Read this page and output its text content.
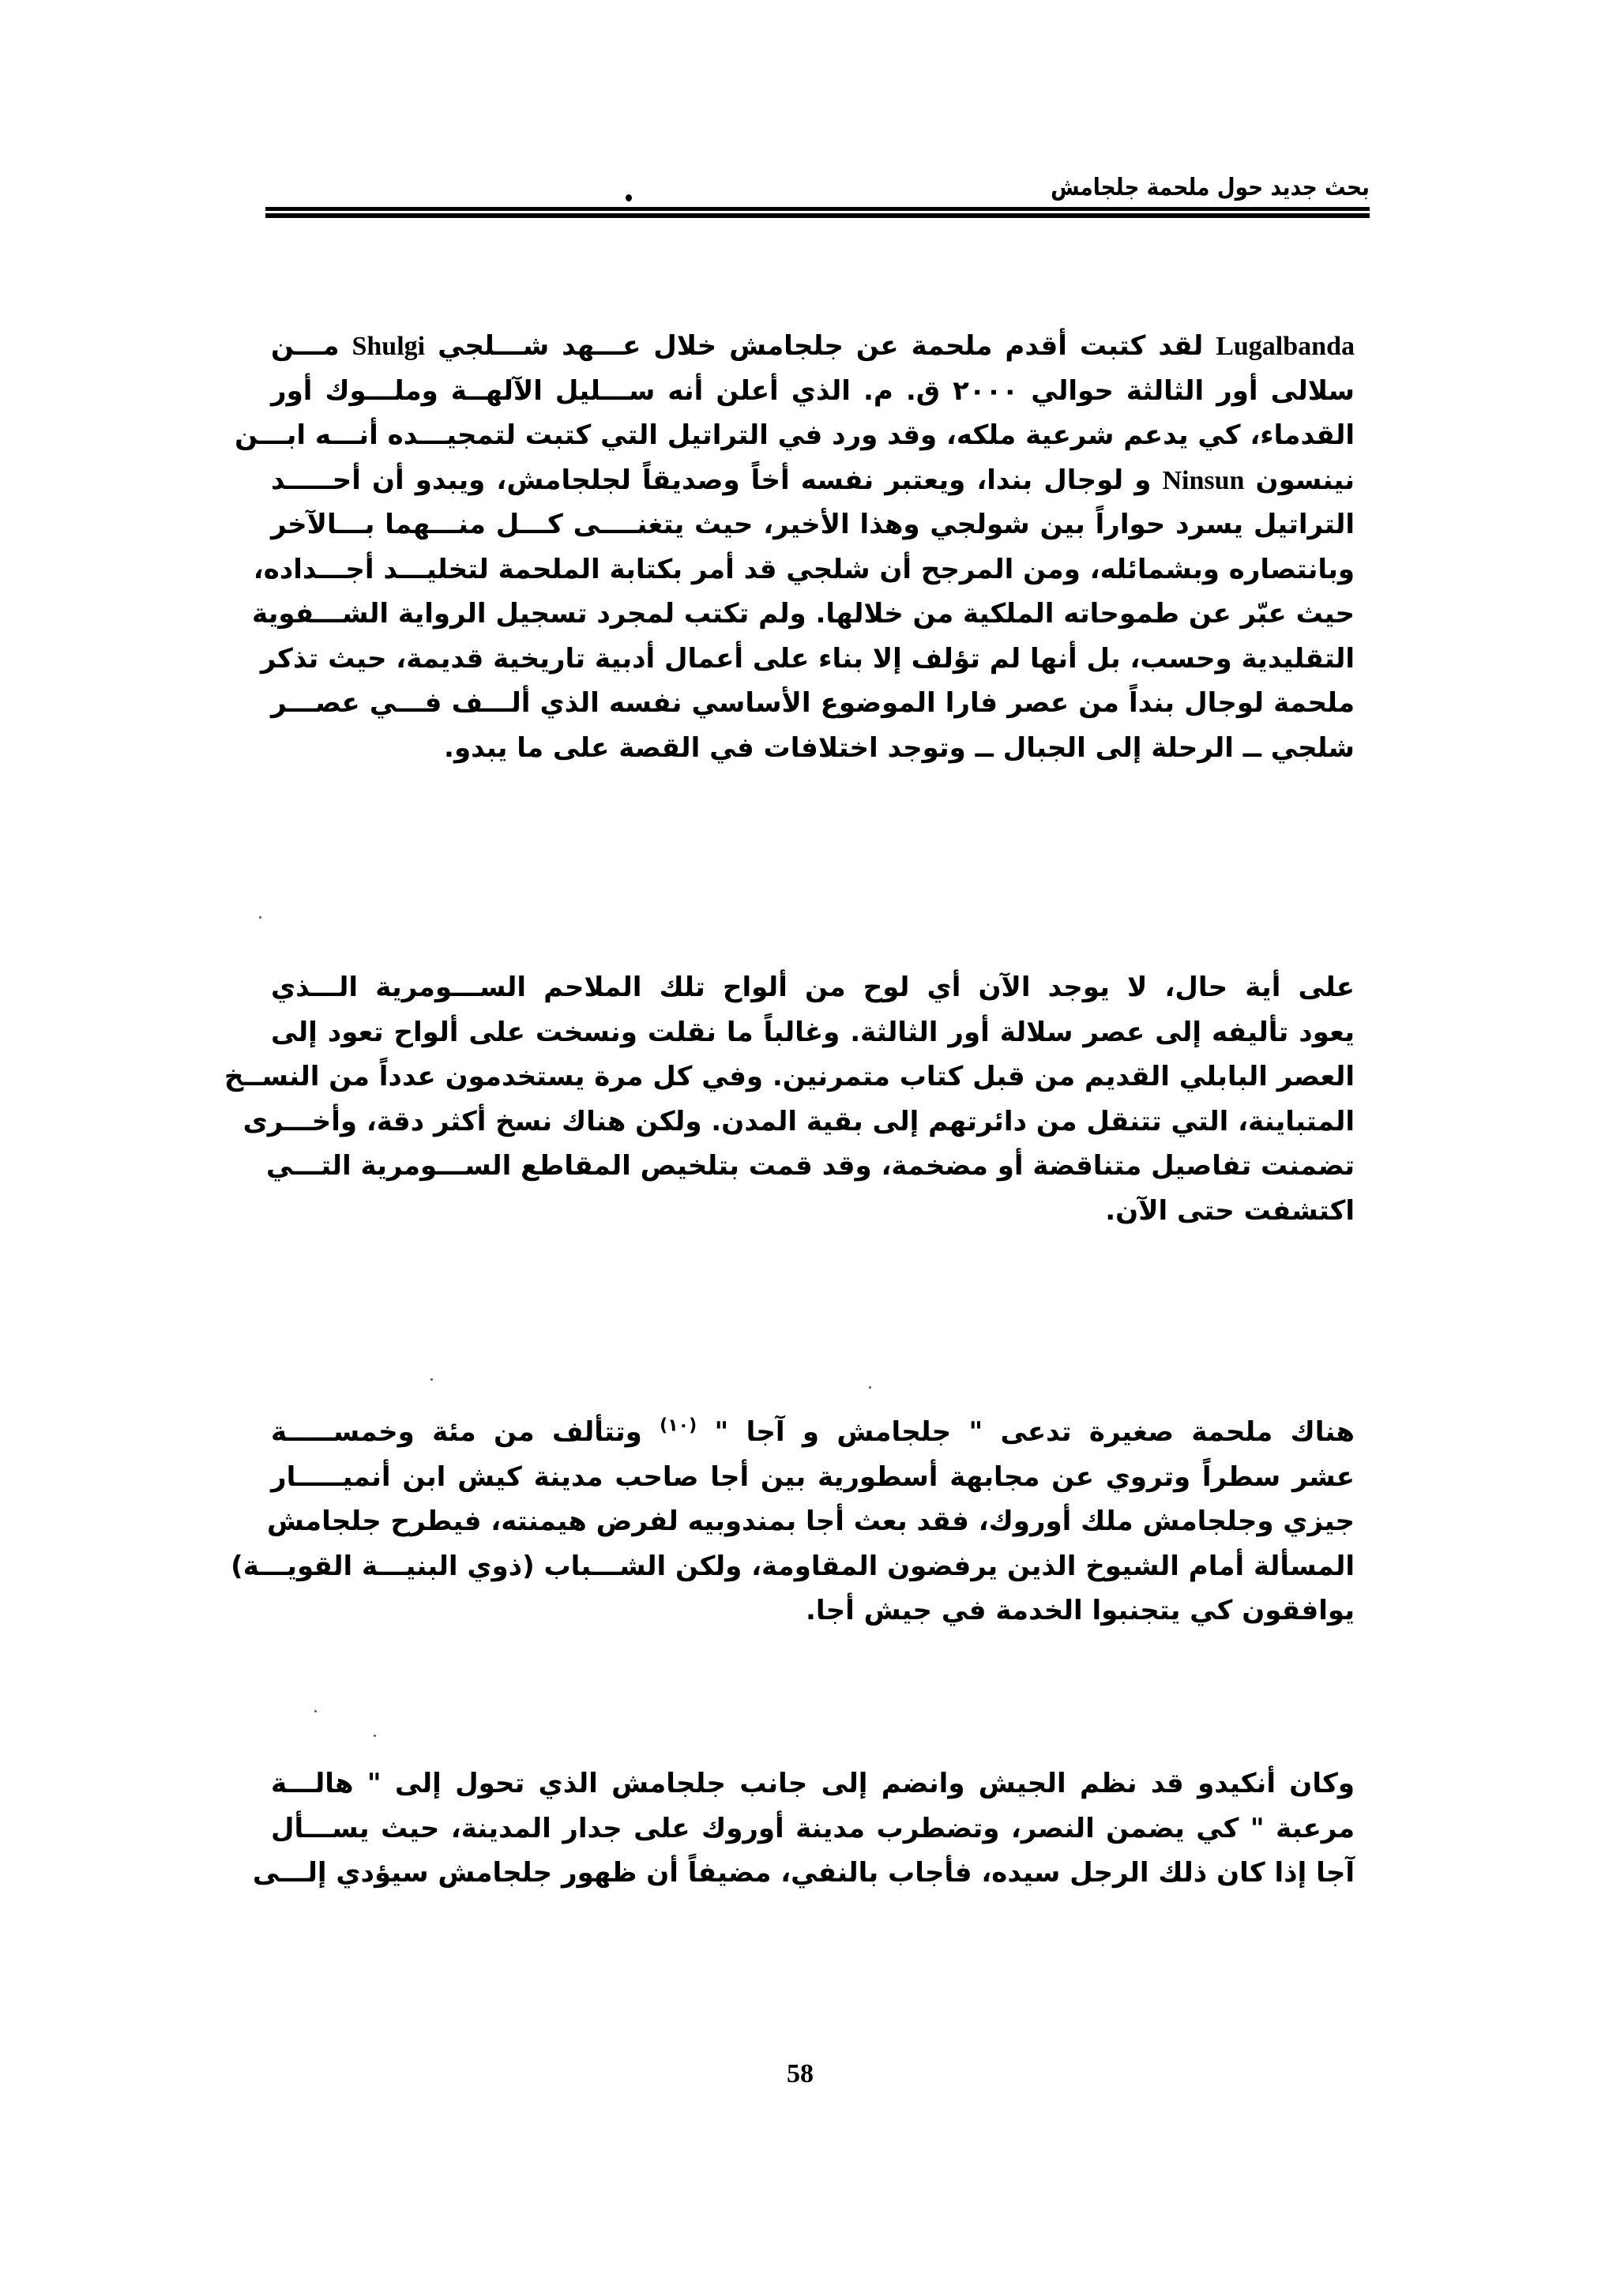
بحث جديد حول ملحمة جلجامش
Lugalbanda لقد كتبت أقدم ملحمة عن جلجامش خلال عـــهد شـــلجي Shulgi مـــن
سلالى أور الثالثة حوالي ٢٠٠٠ ق. م. الذي أعلن أنه ســـليل الآلهــة وملـــوك أور
القدماء، كي يدعم شرعية ملكه، وقد ورد في التراتيل التي كتبت لتمجيـــده أنـــه ابـــن
نينسون Ninsun و لوجال بندا، ويعتبر نفسه أخاً وصديقاً لجلجامش، ويبدو أن أحـــــد
التراتيل يسرد حواراً بين شولجي وهذا الأخير، حيث يتغنــــى كـــل منـــهما بـــالآخر
وبانتصاره وبشمائله، ومن المرجح أن شلجي قد أمر بكتابة الملحمة لتخليـــد أجـــداده،
حيث عبّر عن طموحاته الملكية من خلالها. ولم تكتب لمجرد تسجيل الرواية الشـــفوية
التقليدية وحسب، بل أنها لم تؤلف إلا بناء على أعمال أدبية تاريخية قديمة، حيث تذكر
ملحمة لوجال بنداً من عصر فارا الموضوع الأساسي نفسه الذي ألـــف فـــي عصـــر
شلجي ــ الرحلة إلى الجبال ــ وتوجد اختلافات في القصة على ما يبدو.
على أية حال، لا يوجد الآن أي لوح من ألواح تلك الملاحم الســـومرية الـــذي
يعود تأليفه إلى عصر سلالة أور الثالثة. وغالباً ما نقلت ونسخت على ألواح تعود إلى
العصر البابلي القديم من قبل كتاب متمرنين. وفي كل مرة يستخدمون عدداً من النســخ
المتباينة، التي تتنقل من دائرتهم إلى بقية المدن. ولكن هناك نسخ أكثر دقة، وأخـــرى
تضمنت تفاصيل متناقضة أو مضخمة، وقد قمت بتلخيص المقاطع الســـومرية التـــي
اكتشفت حتى الآن.
هناك ملحمة صغيرة تدعى " جلجامش و آجا " $^{(١٠)}$ وتتألف من مئة وخمســـــة
عشر سطراً وتروي عن مجابهة أسطورية بين أجا صاحب مدينة كيش ابن أنميـــــار
جيزي وجلجامش ملك أوروك، فقد بعث أجا بمندوبيه لفرض هيمنته، فيطرح جلجامش
المسألة أمام الشيوخ الذين يرفضون المقاومة، ولكن الشـــباب (ذوي البنيـــة القويـــة)
يوافقون كي يتجنبوا الخدمة في جيش أجا.
وكان أنكيدو قد نظم الجيش وانضم إلى جانب جلجامش الذي تحول إلى " هالـــة
مرعبة " كي يضمن النصر، وتضطرب مدينة أوروك على جدار المدينة، حيث يســـأل
آجا إذا كان ذلك الرجل سيده، فأجاب بالنفي، مضيفاً أن ظهور جلجامش سيؤدي إلـــى
58
